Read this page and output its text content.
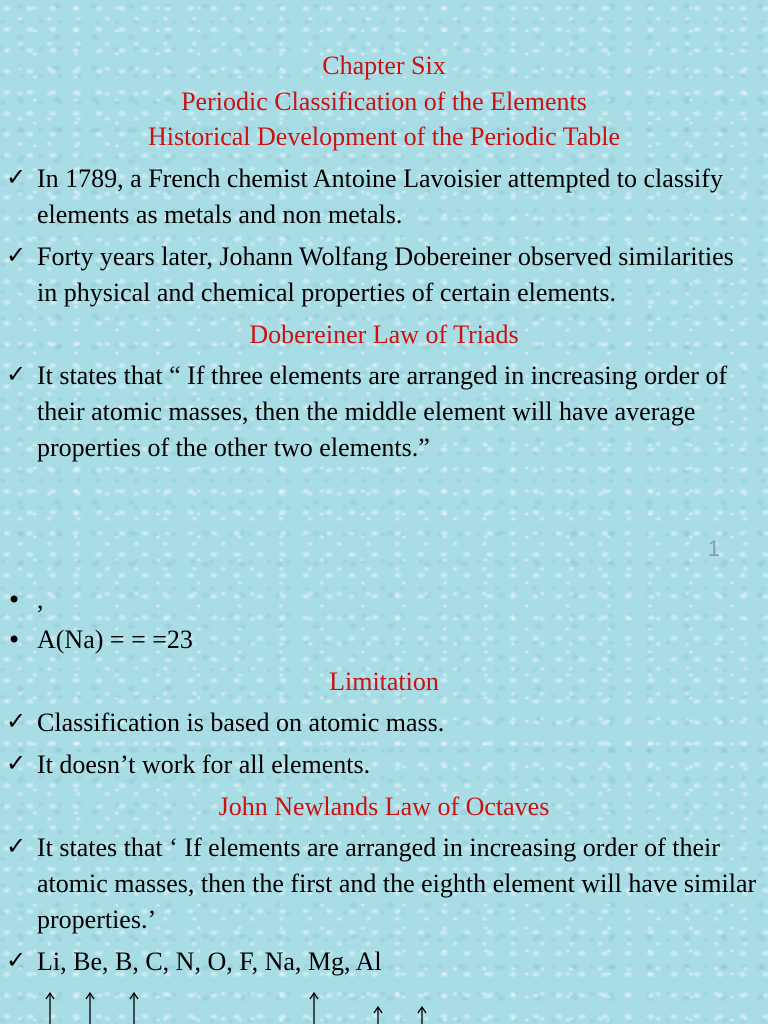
Chapter Six

Periodic Classification of the Elements

Historical Development of the Periodic Table

✓ In 1789, a French chemist Antoine Lavoisier attempted to classify elements as metals and non metals.
✓ Forty years later, Johann Wolfang Dobereiner observed similarities in physical and chemical properties of certain elements.

Dobereiner Law of Triads

✓ It states that “ If three elements are arranged in increasing order of their atomic masses, then the middle element will have average properties of the other two elements.”
1
• ,
• A(Na) = = =23

Limitation

✓ Classification is based on atomic mass.
✓ It doesn’t work for all elements.

John Newlands Law of Octaves

✓ It states that ‘ If elements are arranged in increasing order of their atomic masses, then the first and the eighth element will have similar properties.’
✓ Li, Be, B, C, N, O, F, Na, Mg, Al
